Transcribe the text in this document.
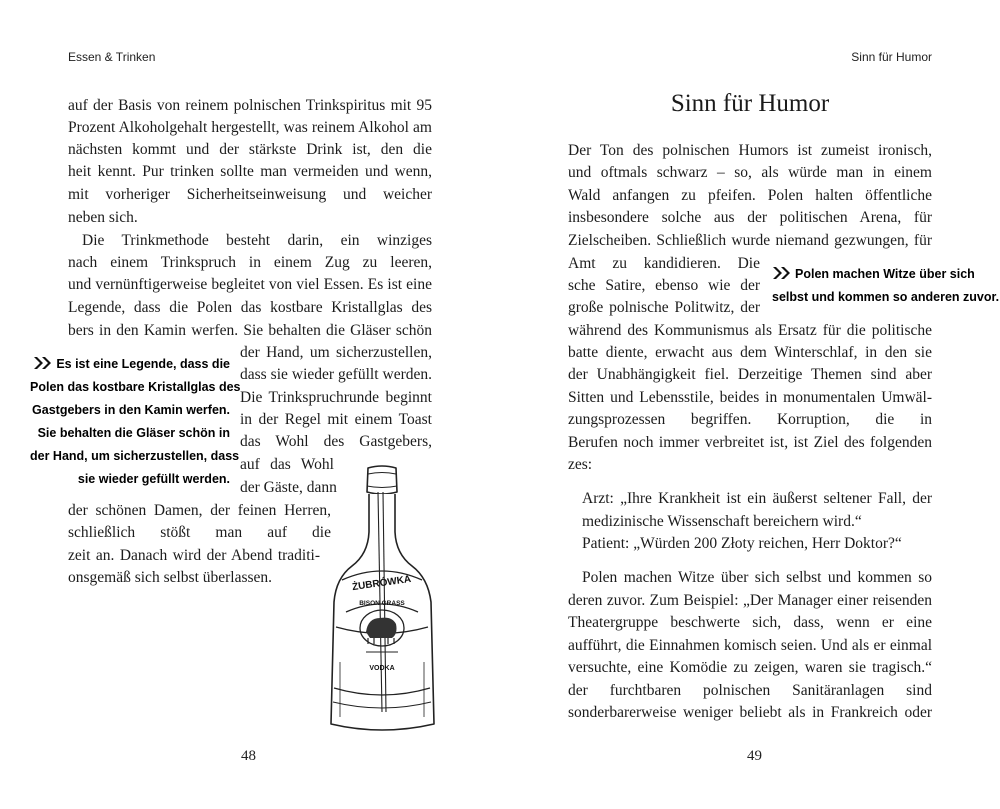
Essen & Trinken
auf der Basis von reinem polnischen Trinkspiritus mit 95
Prozent Alkoholgehalt hergestellt, was reinem Alkohol am
nächsten kommt und der stärkste Drink ist, den die
heit kennt. Pur trinken sollte man vermeiden und wenn,
mit vorheriger Sicherheitseinweisung und weicher
neben sich.
Die Trinkmethode besteht darin, ein winziges
nach einem Trinkspruch in einem Zug zu leeren,
und vernünftigerweise begleitet von viel Essen. Es ist eine
Legende, dass die Polen das kostbare Kristallglas des
bers in den Kamin werfen. Sie behalten die Gläser schön
der Hand, um sicherzustellen,
dass sie wieder gefüllt werden.
Die Trinkspruchrunde beginnt
in der Regel mit einem Toast
das Wohl des Gastgebers,
auf das Wohl
der Gäste, dann
der schönen Damen, der feinen Herren,
schließlich stößt man auf die
zeit an. Danach wird der Abend traditi-
onsgemäß sich selbst überlassen.
Es ist eine Legende, dass die
Polen das kostbare Kristallglas des
Gastgebers in den Kamin werfen.
Sie behalten die Gläser schön in
der Hand, um sicherzustellen, dass
sie wieder gefüllt werden.
ŻUBRÓWKA
BISON GRASS
VODKA
48
Sinn für Humor
Sinn für Humor
Der Ton des polnischen Humors ist zumeist ironisch,
und oftmals schwarz – so, als würde man in einem
Wald anfangen zu pfeifen. Polen halten öffentliche
insbesondere solche aus der politischen Arena, für
Zielscheiben. Schließlich wurde niemand gezwungen, für
Amt zu kandidieren. Die
sche Satire, ebenso wie der
große polnische Politwitz, der
während des Kommunismus als Ersatz für die politische
batte diente, erwacht aus dem Winterschlaf, in den sie
der Unabhängigkeit fiel. Derzeitige Themen sind aber
Sitten und Lebensstile, beides in monumentalen Umwäl-
zungsprozessen begriffen. Korruption, die in
Berufen noch immer verbreitet ist, ist Ziel des folgenden
zes:
Arzt: „Ihre Krankheit ist ein äußerst seltener Fall, der
medizinische Wissenschaft bereichern wird.“
Patient: „Würden 200 Złoty reichen, Herr Doktor?“
Polen machen Witze über sich selbst und kommen so
deren zuvor. Zum Beispiel: „Der Manager einer reisenden
Theatergruppe beschwerte sich, dass, wenn er eine
aufführt, die Einnahmen komisch seien. Und als er einmal
versuchte, eine Komödie zu zeigen, waren sie tragisch.“
der furchtbaren polnischen Sanitäranlagen sind
sonderbarerweise weniger beliebt als in Frankreich oder
Polen machen Witze über sich
selbst und kommen so anderen zuvor.
49
